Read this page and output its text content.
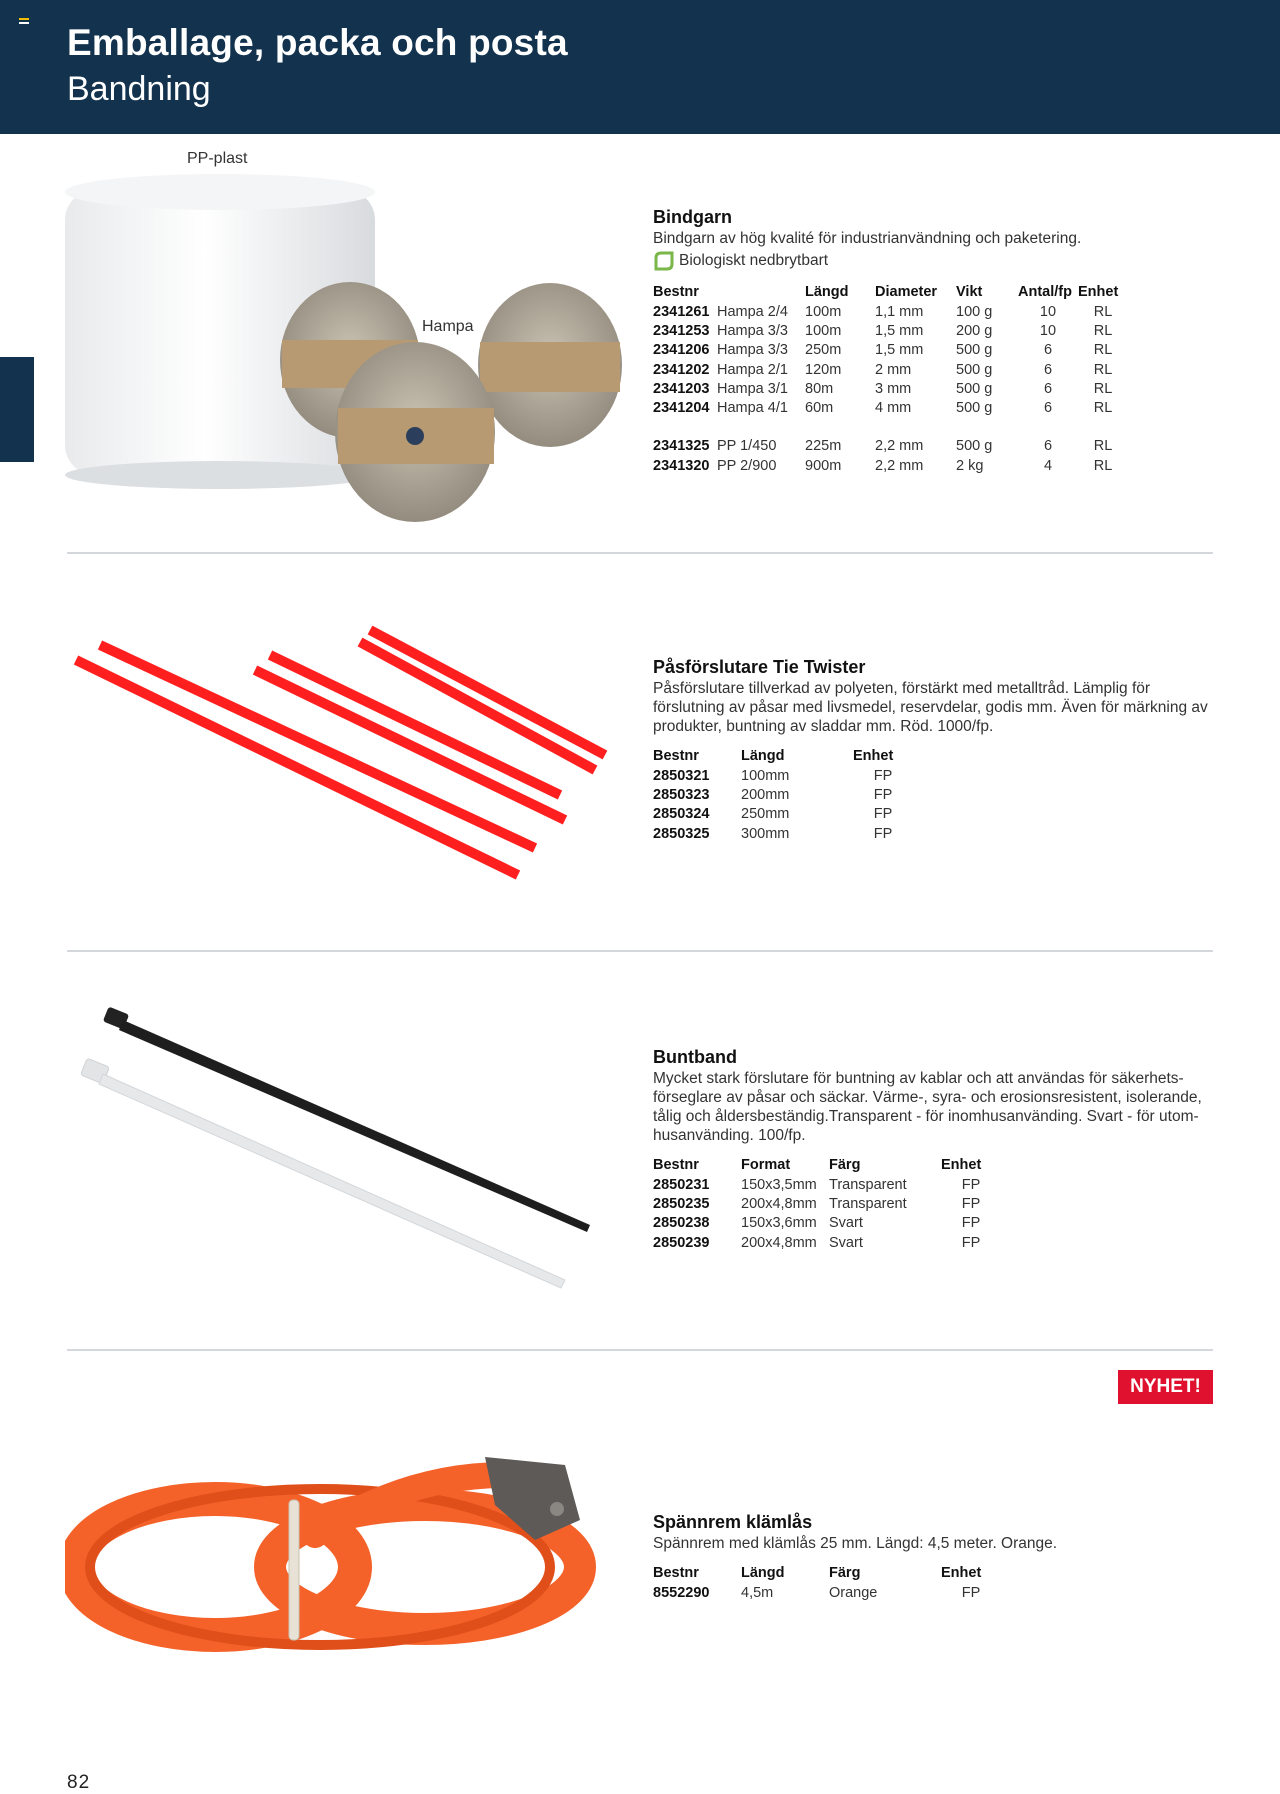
Emballage, packa och posta
Bandning
PP-plast
Hampa
Bindgarn

Bindgarn av hög kvalité för industrianvändning och paketering.

Biologiskt nedbrytbart
Bestnr		Längd	Diameter	Vikt	Antal/fp	Enhet
2341261	Hampa 2/4	100m	1,1 mm	100 g	10	RL
2341253	Hampa 3/3	100m	1,5 mm	200 g	10	RL
2341206	Hampa 3/3	250m	1,5 mm	500 g	6	RL
2341202	Hampa 2/1	120m	2 mm	500 g	6	RL
2341203	Hampa 3/1	80m	3 mm	500 g	6	RL
2341204	Hampa 4/1	60m	4 mm	500 g	6	RL

2341325	PP 1/450	225m	2,2 mm	500 g	6	RL
2341320	PP 2/900	900m	2,2 mm	2 kg	4	RL
Påsförslutare Tie Twister

Påsförslutare tillverkad av polyeten, förstärkt med metalltråd. Lämplig för förslutning av påsar med livsmedel, reservdelar, godis mm. Även för märkning av produkter, buntning av sladdar mm. Röd. 1000/fp.

Bestnr	Längd	Enhet
2850321	100mm	FP
2850323	200mm	FP
2850324	250mm	FP
2850325	300mm	FP
Buntband

Mycket stark förslutare för buntning av kablar och att användas för säkerhets-förseglare av påsar och säckar. Värme-, syra- och erosionsresistent, isolerande, tålig och åldersbeständig.Transparent - för inomhusanvänding. Svart - för utom-husanvänding. 100/fp.

Bestnr	Format	Färg	Enhet
2850231	150x3,5mm	Transparent	FP
2850235	200x4,8mm	Transparent	FP
2850238	150x3,6mm	Svart	FP
2850239	200x4,8mm	Svart	FP
NYHET!
Spännrem klämlås

Spännrem med klämlås 25 mm. Längd: 4,5 meter. Orange.

Bestnr	Längd	Färg	Enhet
8552290	4,5m	Orange	FP
82
